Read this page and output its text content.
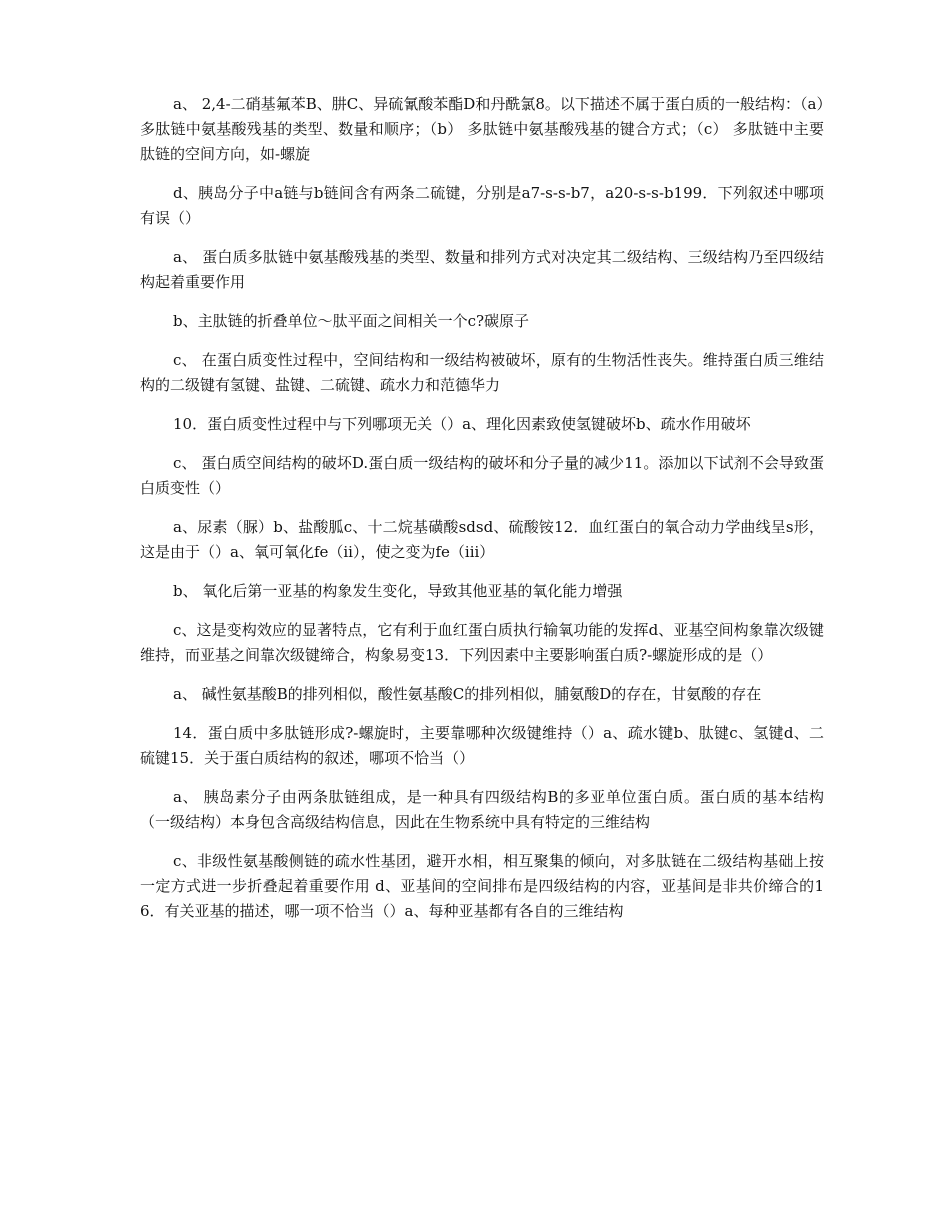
a、 2,4-二硝基氟苯B、肼C、异硫氰酸苯酯D和丹酰氯8。以下描述不属于蛋白质的一般结构：（a）多肽链中氨基酸残基的类型、数量和顺序；（b） 多肽链中氨基酸残基的键合方式；（c） 多肽链中主要肽链的空间方向，如-螺旋

d、胰岛分子中a链与b链间含有两条二硫键，分别是a7-s-s-b7，a20-s-s-b199．下列叙述中哪项有误（）

a、 蛋白质多肽链中氨基酸残基的类型、数量和排列方式对决定其二级结构、三级结构乃至四级结构起着重要作用

b、主肽链的折叠单位～肽平面之间相关一个c?碳原子

c、 在蛋白质变性过程中，空间结构和一级结构被破坏，原有的生物活性丧失。维持蛋白质三维结构的二级键有氢键、盐键、二硫键、疏水力和范德华力

10．蛋白质变性过程中与下列哪项无关（）a、理化因素致使氢键破坏b、疏水作用破坏

c、 蛋白质空间结构的破坏D.蛋白质一级结构的破坏和分子量的减少11。添加以下试剂不会导致蛋白质变性（）

a、尿素（脲）b、盐酸胍c、十二烷基磺酸sdsd、硫酸铵12．血红蛋白的氧合动力学曲线呈s形，这是由于（）a、氧可氧化fe（ii），使之变为fe（iii）

b、 氧化后第一亚基的构象发生变化，导致其他亚基的氧化能力增强

c、这是变构效应的显著特点，它有利于血红蛋白质执行输氧功能的发挥d、亚基空间构象靠次级键维持，而亚基之间靠次级键缔合，构象易变13．下列因素中主要影响蛋白质?-螺旋形成的是（）

a、 碱性氨基酸B的排列相似，酸性氨基酸C的排列相似，脯氨酸D的存在，甘氨酸的存在

14．蛋白质中多肽链形成?-螺旋时，主要靠哪种次级键维持（）a、疏水键b、肽键c、氢键d、二硫键15．关于蛋白质结构的叙述，哪项不恰当（）

a、 胰岛素分子由两条肽链组成，是一种具有四级结构B的多亚单位蛋白质。蛋白质的基本结构（一级结构）本身包含高级结构信息，因此在生物系统中具有特定的三维结构

c、非级性氨基酸侧链的疏水性基团，避开水相，相互聚集的倾向，对多肽链在二级结构基础上按一定方式进一步折叠起着重要作用 d、亚基间的空间排布是四级结构的内容，亚基间是非共价缔合的16．有关亚基的描述，哪一项不恰当（）a、每种亚基都有各自的三维结构
